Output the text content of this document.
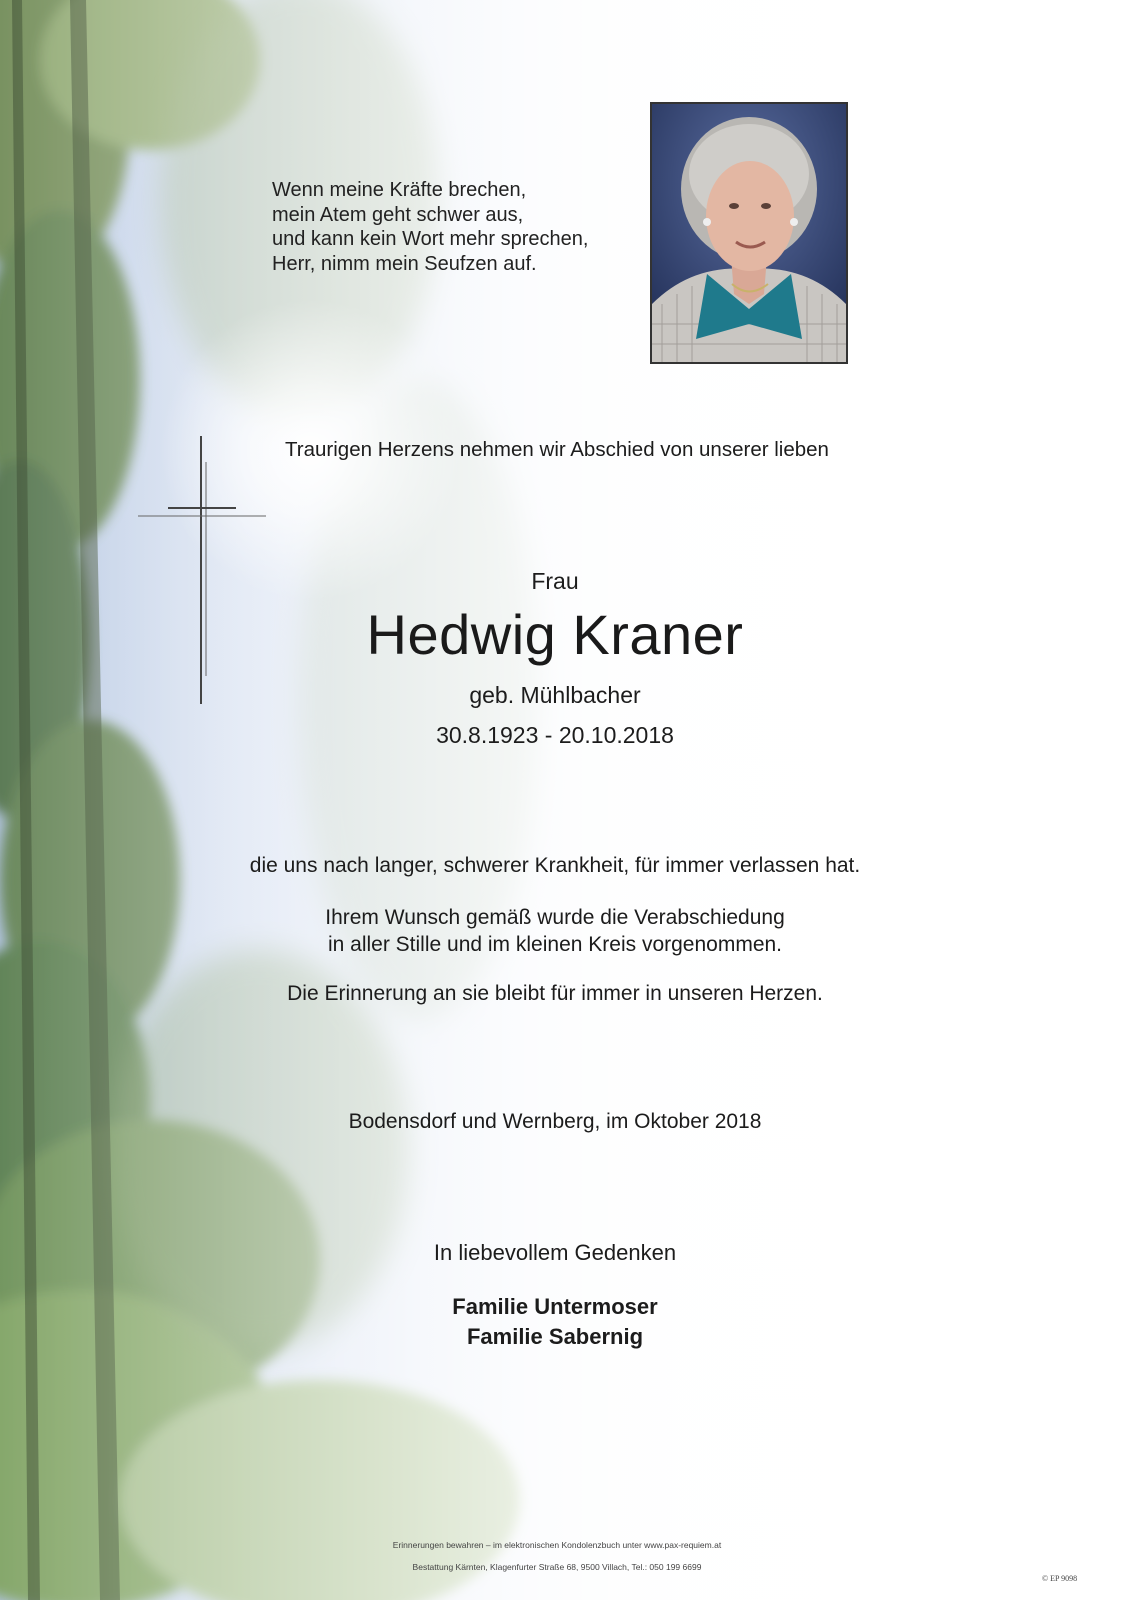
Wenn meine Kräfte brechen,
mein Atem geht schwer aus,
und kann kein Wort mehr sprechen,
Herr, nimm mein Seufzen auf.

Traurigen Herzens nehmen wir Abschied von unserer lieben

Frau

Hedwig Kraner

geb. Mühlbacher

30.8.1923 - 20.10.2018

die uns nach langer, schwerer Krankheit, für immer verlassen hat.

Ihrem Wunsch gemäß wurde die Verabschiedung
in aller Stille und im kleinen Kreis vorgenommen.

Die Erinnerung an sie bleibt für immer in unseren Herzen.

Bodensdorf und Wernberg, im Oktober 2018

In liebevollem Gedenken

Familie Untermoser
Familie Sabernig

Erinnerungen bewahren – im elektronischen Kondolenzbuch unter www.pax-requiem.at

Bestattung Kärnten, Klagenfurter Straße 68, 9500 Villach, Tel.: 050 199 6699

© EP 9098
